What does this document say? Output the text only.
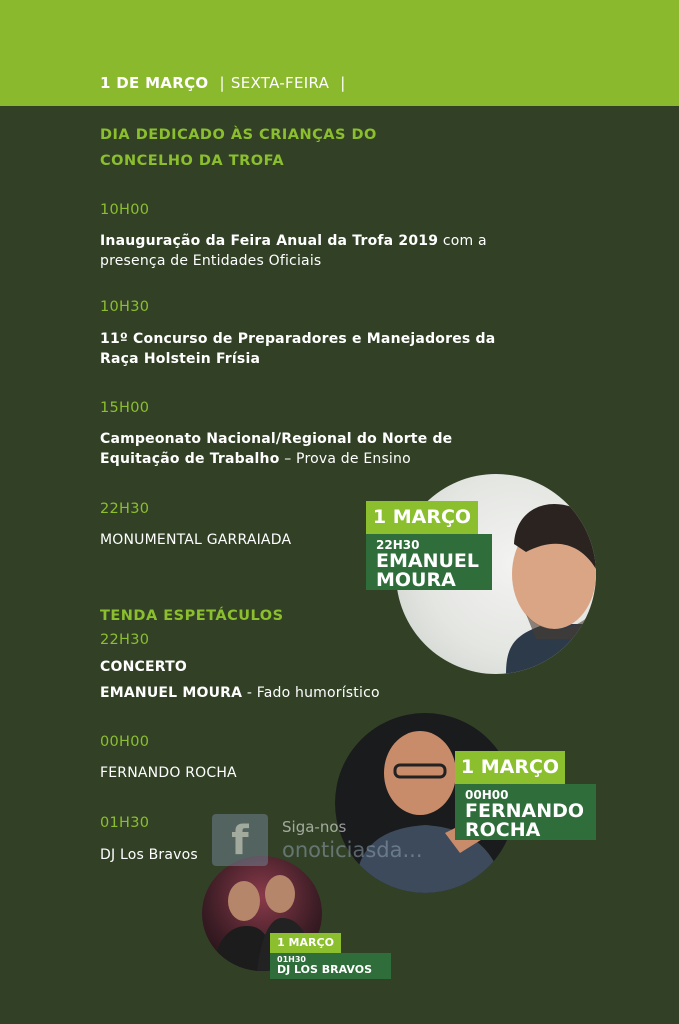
1 DE MARÇO | SEXTA-FEIRA |
DIA DEDICADO ÀS CRIANÇAS DO
CONCELHO DA TROFA
10H00
Inauguração da Feira Anual da Trofa 2019 com a
presença de Entidades Oficiais
10H30
11º Concurso de Preparadores e Manejadores da
Raça Holstein Frísia
15H00
Campeonato Nacional/Regional do Norte de
Equitação de Trabalho – Prova de Ensino
22H30
MONUMENTAL GARRAIADA
TENDA ESPETÁCULOS
22H30
CONCERTO
EMANUEL MOURA - Fado humorístico
00H00
FERNANDO ROCHA
01H30
DJ Los Bravos
1 MARÇO
22H30
EMANUEL
MOURA
1 MARÇO
00H00
FERNANDO
ROCHA
1 MARÇO
01H30
DJ LOS BRAVOS
f	Siga-nos
onoticiasda...
